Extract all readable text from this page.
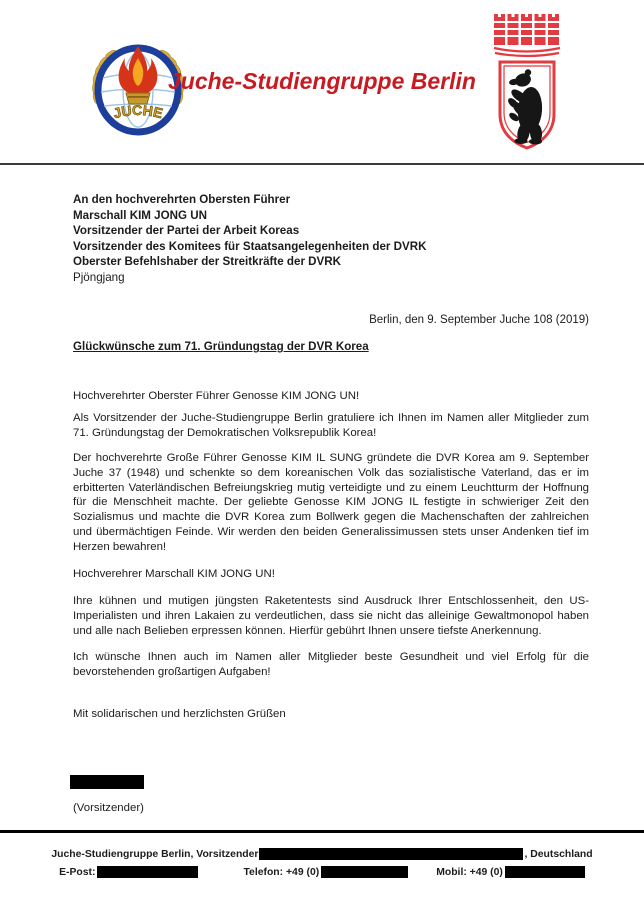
JUCHE
Juche-Studiengruppe Berlin
An den hochverehrten Obersten Führer
Marschall KIM JONG UN
Vorsitzender der Partei der Arbeit Koreas
Vorsitzender des Komitees für Staatsangelegenheiten der DVRK
Oberster Befehlshaber der Streitkräfte der DVRK
Pjöngjang
Berlin, den 9. September Juche 108 (2019)
Glückwünsche zum 71. Gründungstag der DVR Korea
Hochverehrter Oberster Führer Genosse KIM JONG UN!
Als Vorsitzender der Juche-Studiengruppe Berlin gratuliere ich Ihnen im Namen aller Mitglieder zum 71. Gründungstag der Demokratischen Volksrepublik Korea!
Der hochverehrte Große Führer Genosse KIM IL SUNG gründete die DVR Korea am 9. September Juche 37 (1948) und schenkte so dem koreanischen Volk das sozialistische Vaterland, das er im erbitterten Vaterländischen Befreiungskrieg mutig verteidigte und zu einem Leuchtturm der Hoffnung für die Menschheit machte. Der geliebte Genosse KIM JONG IL festigte in schwieriger Zeit den Sozialismus und machte die DVR Korea zum Bollwerk gegen die Machenschaften der zahlreichen und übermächtigen Feinde. Wir werden den beiden Generalissimussen stets unser Andenken tief im Herzen bewahren!
Hochverehrer Marschall KIM JONG UN!
Ihre kühnen und mutigen jüngsten Raketentests sind Ausdruck Ihrer Entschlossenheit, den US-Imperialisten und ihren Lakaien zu verdeutlichen, dass sie nicht das alleinige Gewaltmonopol haben und alle nach Belieben erpressen können. Hierfür gebührt Ihnen unsere tiefste Anerkennung.
Ich wünsche Ihnen auch im Namen aller Mitglieder beste Gesundheit und viel Erfolg für die bevorstehenden großartigen Aufgaben!
Mit solidarischen und herzlichsten Grüßen
(Vorsitzender)
Juche-Studiengruppe Berlin, Vorsitzender	, Deutschland
E-Post:	Telefon: +49 (0)	Mobil: +49 (0)
